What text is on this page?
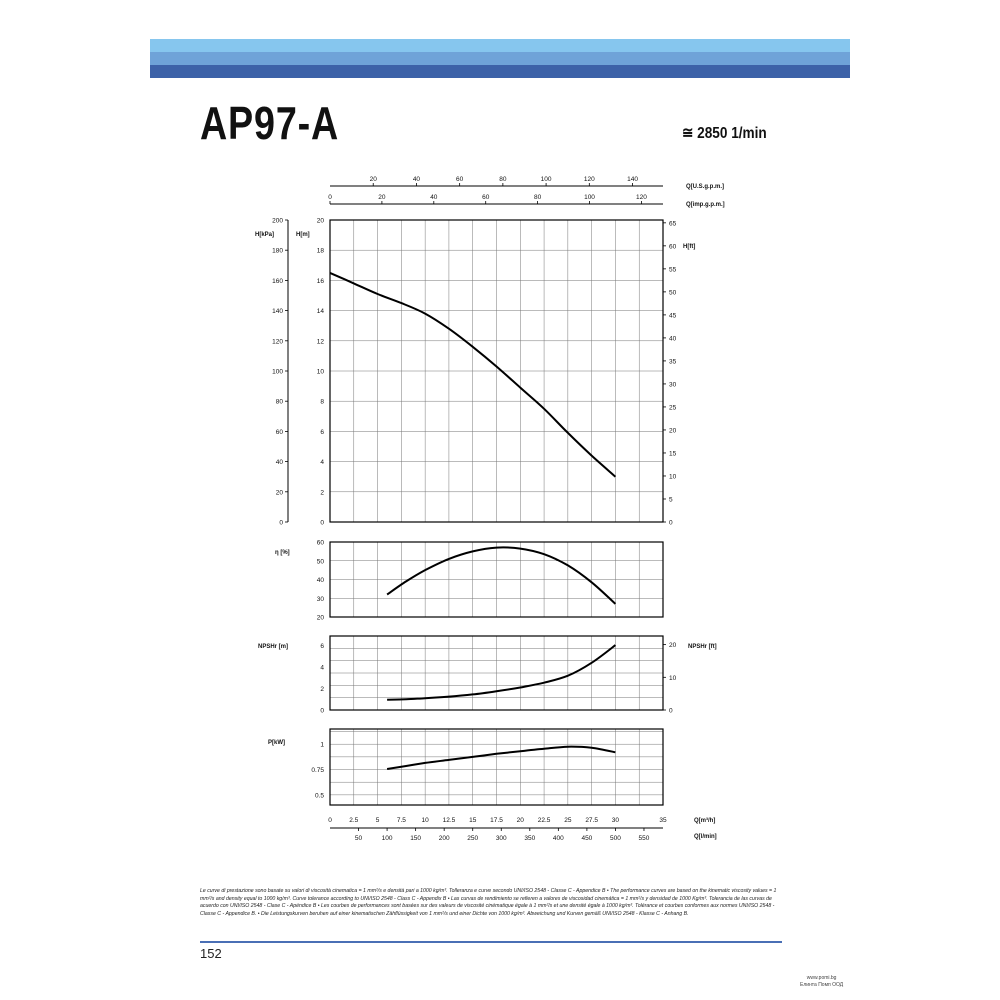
AP97-A	≅ 2850 1/min
20	40	60	80	100	120	140
Q[U.S.g.p.m.]
0	20	40	60	80	100	120
Q[imp.g.p.m.]
0
2
4
6
8
10
12
14
16
18
20
0
20
40
60
80
100
120
140
160
180
200
H[kPa]	H[m]
0
5
10
15
20
25
30
35
40
45
50
55
60
65
H[ft]
20
30
40
50
60
η [%]
0
2
4
6
0
10
20
NPSHr [m]	NPSHr [ft]
0.5
0.75
1
P[kW]
0	2.5	5	7.5 10 12.5 15 17.5 20 22.5 25 27.5 30	35	Q[m³/h]
50	100	150	200	250	300	350	400	450	500	550	Q[l/min]
Le curve di prestazione sono basate su valori di viscosità cinematica = 1 mm²/s e densità pari a 1000 kg/m³. Tolleranza e curve secondo UNI/ISO 2548 - Classe C - Appendice B • The performance curves are based on the kinematic viscosity values = 1 mm²/s and density equal to 1000 kg/m³. Curve tolerance according to UNI/ISO 2548 - Class C - Appendix B • Las curvas de rendimiento se refieren a valores de viscosidad cinemática = 1 mm²/s y densidad de 1000 Kg/m³. Tolerancia de las curvas de acuerdo con UNI/ISO 2548 - Clase C - Apéndice B • Les courbes de performances sont basées sur des valeurs de viscosité cinématique égale à 1 mm²/s et une densité égale à 1000 kg/m³. Tolérance et courbes conformes aux normes UNI/ISO 2548 - Classe C - Appendice B. • Die Leistungskurven beruhen auf einer kinematischen Zähflüssigkeit von 1 mm²/s und einer Dichte von 1000 kg/m³. Abweichung und Kurven gemäß UNI/ISO 2548 - Klasse C - Anhang B.
152
www.pomi.bg
Елинта Помп ООД
